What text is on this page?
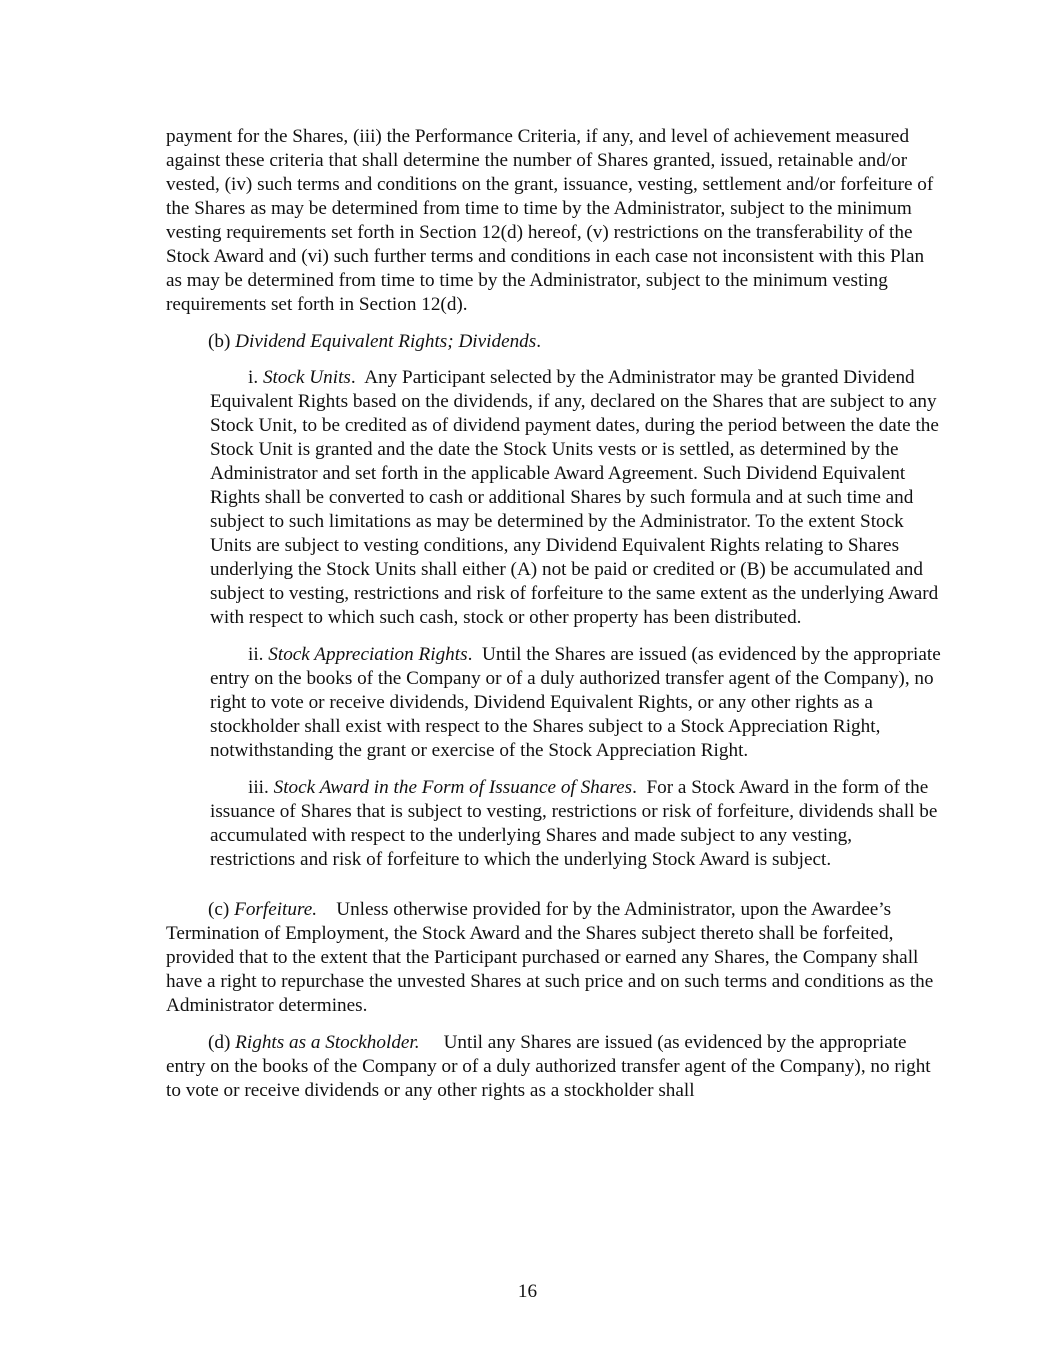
payment for the Shares, (iii) the Performance Criteria, if any, and level of achievement measured against these criteria that shall determine the number of Shares granted, issued, retainable and/or vested, (iv) such terms and conditions on the grant, issuance, vesting, settlement and/or forfeiture of the Shares as may be determined from time to time by the Administrator, subject to the minimum vesting requirements set forth in Section 12(d) hereof, (v) restrictions on the transferability of the Stock Award and (vi) such further terms and conditions in each case not inconsistent with this Plan as may be determined from time to time by the Administrator, subject to the minimum vesting requirements set forth in Section 12(d).

(b) Dividend Equivalent Rights; Dividends.

i. Stock Units.  Any Participant selected by the Administrator may be granted Dividend Equivalent Rights based on the dividends, if any, declared on the Shares that are subject to any Stock Unit, to be credited as of dividend payment dates, during the period between the date the Stock Unit is granted and the date the Stock Units vests or is settled, as determined by the Administrator and set forth in the applicable Award Agreement. Such Dividend Equivalent Rights shall be converted to cash or additional Shares by such formula and at such time and subject to such limitations as may be determined by the Administrator. To the extent Stock Units are subject to vesting conditions, any Dividend Equivalent Rights relating to Shares underlying the Stock Units shall either (A) not be paid or credited or (B) be accumulated and subject to vesting, restrictions and risk of forfeiture to the same extent as the underlying Award with respect to which such cash, stock or other property has been distributed.

ii. Stock Appreciation Rights.  Until the Shares are issued (as evidenced by the appropriate entry on the books of the Company or of a duly authorized transfer agent of the Company), no right to vote or receive dividends, Dividend Equivalent Rights, or any other rights as a stockholder shall exist with respect to the Shares subject to a Stock Appreciation Right, notwithstanding the grant or exercise of the Stock Appreciation Right.

iii. Stock Award in the Form of Issuance of Shares.  For a Stock Award in the form of the issuance of Shares that is subject to vesting, restrictions or risk of forfeiture, dividends shall be accumulated with respect to the underlying Shares and made subject to any vesting, restrictions and risk of forfeiture to which the underlying Stock Award is subject.

(c) Forfeiture. Unless otherwise provided for by the Administrator, upon the Awardee’s Termination of Employment, the Stock Award and the Shares subject thereto shall be forfeited, provided that to the extent that the Participant purchased or earned any Shares, the Company shall have a right to repurchase the unvested Shares at such price and on such terms and conditions as the Administrator determines.

(d) Rights as a Stockholder. Until any Shares are issued (as evidenced by the appropriate entry on the books of the Company or of a duly authorized transfer agent of the Company), no right to vote or receive dividends or any other rights as a stockholder shall

16
